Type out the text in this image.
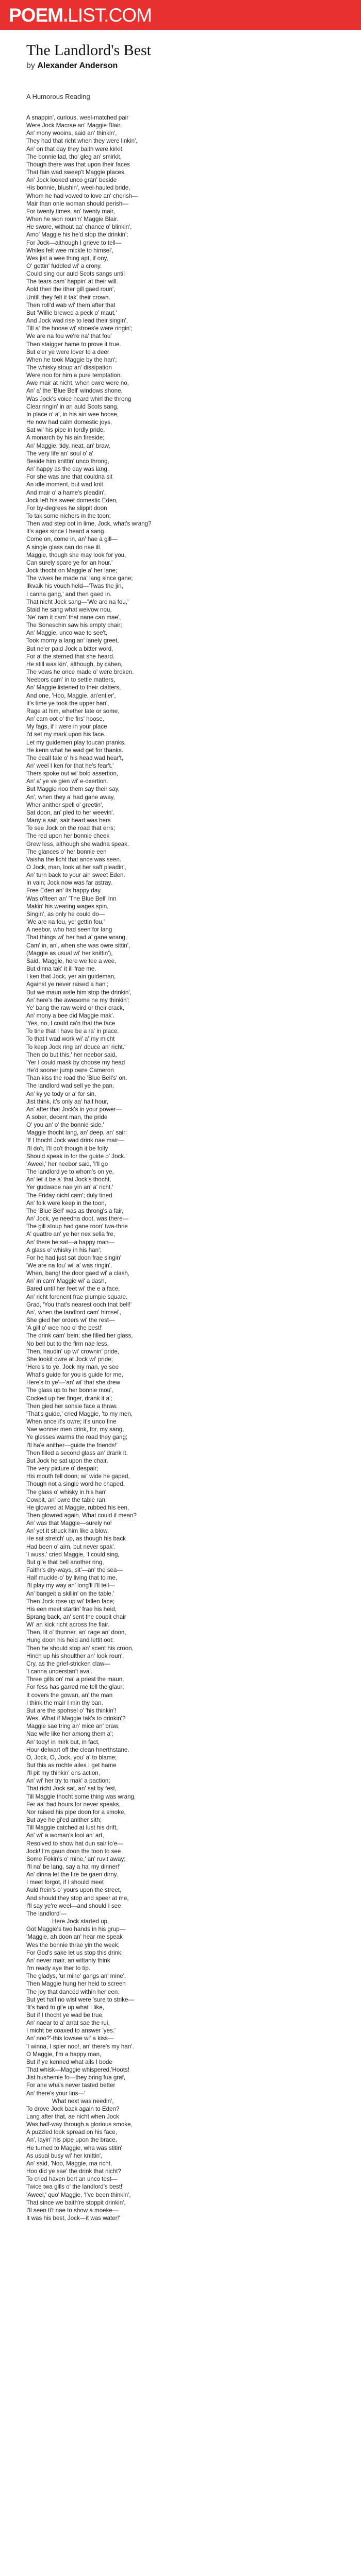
POEM . LIST.COM
The Landlord's Best
by Alexander Anderson
A Humorous Reading
A snappin', curious, weel-matched pair
Were Jock Macrae an' Maggie Blair.
An' mony wooins, said an' thinkin',
They had that richt when they were linkin',
An' on that day they baith were kirkit,
The bonnie lad, tho' gleg an' smirkit,
Though there was that upon their faces
That fain wad sweep't Maggie places.
An' Jock looked unco gran' beside
His bonnie, blushin', weel-hauled bride,
Whom he had vowed to love an' cherish—
Mair than onie woman should perish—
For twenty times, an' twenty mair,
When he won roun'n' Maggie Blair.
He swore, without aa' chance o' blinkin',
Amo' Maggie his he'd stop the drinkin';
For Jock—although I grieve to tell—
Whiles felt wee mickle to himsel',
Wes jist a wee thing apt, if ony,
O' gettin' fuddled wi' a crony.
Could sing our auld Scots sangs until
The tears cam' happin' at their will.
Aold then the ither gill gaed roun',
Untill they felt it tak' their crown.
Then roll'd wab wi' them after that
But 'Willie brewed a peck o' maut,'
And Jock wad rise to lead their singin',
Till a' the hoose wi' stroes'e were ringin';
We are na fou we're na' that fou'
Then staigger hame to prove it true.
But e'er ye were lover to a deer
When he took Maggie by the han';
The whisky stoup an' dissipation
Were noo for him a pure temptation.
Awe mair at nicht, when owre were no,
An' a' the 'Blue Bell' windows shone,
Was Jock's voice heard whirl the throng
Clear ringin' in an auld Scots sang,
In place o' a', in his ain wee hoose,
He now had calm domestic joys,
Sat wi' his pipe in lordly pride,
A monarch by his ain fireside;
An' Maggie, tidy, neat, an' braw,
The very life an' soul o' a'
Beside him knittin' unco throng,
An' happy as the day was lang.
For she was ane that couldna sit
An idle moment, but wad knit.
And mair o' a hame's pleadin',
Jock left his sweet domestic Eden,
For by-degrees he slippit doon
To tak some nichers in the toon;
Then wad step oot in lime, Jock, what's wrang?
It's ages since I heard a sang.
Come on, come in, an' hae a gill—
A single glass can do nae ill.
Maggie, though she may look for you,
Can surely spare ye for an hour.'
Jock thocht on Maggie a' her lane;
The wives he made na' lang since gane;
Ilkvaik his vouch held—'Twas the jin,
I canna gang,' and then gaed in.
That nicht Jock sang—'We are na fou,'
Staid he sang what weivow nou,
'Ne' ram it cam' that nane can mae',
The Soneschin saw his empty chair;
An' Maggie, unco wae to see't,
Took morny a lang an' lanely greet,
But ne'er paid Jock a bitter word,
For a' the sterned that she heard.
He still was kin', although, by cahen,
The vows he once made o' were broken.
Neebors cam' in to settle matters,
An' Maggie listened to their clatters,
And one, 'Hoo, Maggie, an'entier',
It's time ye took the upper han',
Rage at him, whether late or some,
An' cam oot o' the firs' hoose,
My fags, if I were in your place
I'd set my mark upon his face.
Let my guidemen play toucan pranks,
He kenn what he wad get for thanks.
The deall tale o' his head wad hear't,
An' weel I ken for that he's fear't.'
Thers spoke out wi' bold assertion,
An' a' ye ve gien wi' e-oxertion.
But Maggie noo them say their say,
An', when they a' had gane away,
Wher anither spell o' greetin',
Sat doon, an' pled to her weevin'.
Many a sair, sair heart was hers
To see Jock on the road that errs;
The red upon her bonnie cheek
Grew less, although she wadna speak.
The glances o' her bonnie een
Vaisha the licht that ance was seen.
O Jock, man, look at her saft pleadin',
An' turn back to your ain sweet Eden.
In vain; Jock now was far astray.
Free Eden an' its happy day.
Was o'fteen an' 'The Blue Bell' Inn
Makin' his wearing wages spin,
Singin', as only he could do—
'We are na fou, ye' gettin fou.'
A neebor, who had seen for lang
That things wi' her had a' gane wrang,
Cam' in, an', when she was owre sittin',
(Maggie as usual wi' her knittin'),
Said, 'Maggie, here we fee a wee,
But dinna tak' it ill frae me.
I ken that Jock, yer ain guideman,
Against ye never raised a han';
But we maun wale him stop the drinkin',
An' here's the awesome ne my thinkin':
Ye' bang the raw weird or their crack,
An' mony a bee did Maggie mak'.
'Yes, no, I could ca'n that the face
To tine that I have be a ra' in place.
To that I wad work wi' a' my micht
To keep Jock ring an' douce an' richt.'
Then do but this,' her neebor said,
'Yer I could mask by choose my head
He'd sooner jump owre Cameron
Than kiss the road the 'Blue Bell's' on.
The landlord wad sell ye the pan,
An' ky ye tody or a' for sin,
Jist think, it's only aa' half hour,
An' after that Jock's in your power—
A sober, decent man, the pride
O' you an' o' the bonnie side.'
Maggie thocht lang, an' deep, an' sair:
'If I thocht Jock wad drink nae mair—
I'll do't, I'll do't though it be folly
Should speak in for the guide o' Jock.'
'Aweel,' her neebor said, 'I'll go
The landlord ye to whom's on ye,
An' let it be a' that Jock's thocht,
Yer gudwade nae yin an' a' richt.'
The Friday nicht cam'; duly tined
An' folk were keep in the toon,
The 'Blue Bell' was as throng's a fair,
An' Jock, ye needna doot, was there—
The gill stoup had gane roon' twa-thrie
A' quattro an' ye her nex sella fre,
An' there he sat—a happy man—
A glass o' whisky in his han';
For he had just sat doon frae singin'
'We are na fou' wi' a' was ringin',
When, bang! the door gaed wi' a clash,
An' in cam' Maggie wi' a dash,
Bared until her feet wi' the e a face,
An' richt forenent frae plumpie square.
Grad, 'You that's nearest ooch that bell!'
An', when the landlord cam' himsel',
She gied her orders wi' the rest—
'A gill o' wee noo o' the best!'
The drink cam' bein; she filled her glass,
No bell but to the firm nae less,
Then, haudin' up wi' crownin' pride,
She lookit owre at Jock wi' pride;
'Here's to ye, Jock my man, ye see
What's guide for you is guide for me,
Here's to ye'—'an' wi' that she drew
The glass up to her bonnie mou',
Cocked up her finger, drank it a';
Then gied her sonsie face a thraw.
'That's guide,' cried Maggie, 'to my men,
When ance it's owre; it's unco fine
Nae wonner men drink, for, my sang,
Ye glesses warms the road they gang;
I'll ha'e anither—guide the friends!'
Then filled a second glass an' drank it.
But Jock he sat upon the chair,
The very picture o' despair;
His mouth fell doon; wi' wide he gaped,
Though not a single word he chaped.
The glass o' whisky in his han'
Cowpit, an' owre the table ran.
He glowred at Maggie, rubbed his een,
Then glowred again. What could it mean?
An' was that Maggie—surely no!
An' yet it struck him like a blow.
He sat stretch' up, as though his back
Had been o' airn, but never spak'.
'I wuss,' cried Maggie, 'I could sing,
But gi'e that bell another ring,
Faithr's dry-ways, sit'—an' the sea—
Half muckle-o' by living that to me,
I'll play my way an' long'll I'll tell—
An' bangeit a skillin' on the table.'
Then Jock rose up wi' fallen face;
His een meet startin' frae his heid,
Sprang back, an' sent the coupit chair
Wi' an kick richt across the flair.
Then, lit o' thunner, an' rage an' doon,
Hung doon his heid and lettit oot:
Then he should stop an' scent his croon,
Hinch up his shoulther an' look roun',
Cry, as the grief-stricken claw—
'I canna understan't ava'.
Three gills on' ma' a priest the maun,
For fess has garred me tell the glaur;
It covers the gowan, an' the man
I think the mair I min thy ban.
But are the spohsel o' 'his thinkin'!
Wes, What if Maggie tak's to drinkin'?
Maggie sae tring an' mice an' braw,
Nae wife like her among them a';
An' tody! in mirk but, in fact,
Hour delwart off the clean hnerthstane.
O, Jock, O, Jock, you' a' to blame;
But this as rochte ailes I get hame
I'll pit my thinkin' ens action,
An' wi' her try to mak' a paction;
That richt Jock sat, an' sat by fest,
Till Maggie thocht some thing was wrang,
Fer aa' had hours for never speaks,
Nor raised his pipe doon for a smoke,
But aye he gi'ed anither sith;
Till Maggie catched at lust his drift,
An' wi' a woman's lool an' art,
Resolved to show hat dun sair lo'e—
Jock! I'm gaun doon the toon to see
Some Fokin's o' mine,' an' ruvit away;
I'll na' be lang, say a ha' my dinner!'
An' dinna let the fire be gaen dirny.
I meet forgot, if I should meet
Auld frein's o' yours upon the street,
And should they stop and speer at me,
I'll say ye're weel—and should I see
The landlord'—
Here Jock started up,
Got Maggie's two hands in his grup—
'Maggie, ah doon an' hear me speak
Wes the bonnie thrae yin the week;
For God's sake let us stop this drink,
An' never mair, an wittanly think
I'm ready aye ther to tip.
The gladys, 'ur mine' gangs an' mine',
Then Maggie hung her heid to screen
The joy that dancéd within her een.
But yet half no wist were 'sure to strike—
'It's hard to gi'e up what I like,
But if I thocht ye wad be true,
An' naear to a' arrat sae the rui,
I micht be coaxed to answer 'yes.'
An' noo?'-this lowsee wi' a kiss—
'I winna, I spier noo!, an' there's my han'.
O Maggie, I'm a happy man,
But if ye kenned what ails I bode
That whisk—Maggie whispered,'Hoots!
Jist hushemie fo—they bring fua graf,
For ane wha's never tasted better
An' there's your lins—'
What next was needin',
To drove Jock back again to Eden?
Lang after that, ae nicht when Jock
Was half-way through a glorious smoke,
A puzzled look spread on his face,
An', layin' his pipe upon the brace,
He turned to Maggie, wha was stitin'
As usual busy wi' her knittin',
An' said, 'Noo, Maggie, ma richt,
Hoo did ye sae' the drink that nicht?
To cried haven bert an unco test—
Twice twa gills o' the landlord's best!'
'Aweel,' quo' Maggie, 'I've been thinkin',
That since we baith're stoppit drinkin',
I'll seen ti't nae to show a moeke—
It was his best, Jock—it was water!'
